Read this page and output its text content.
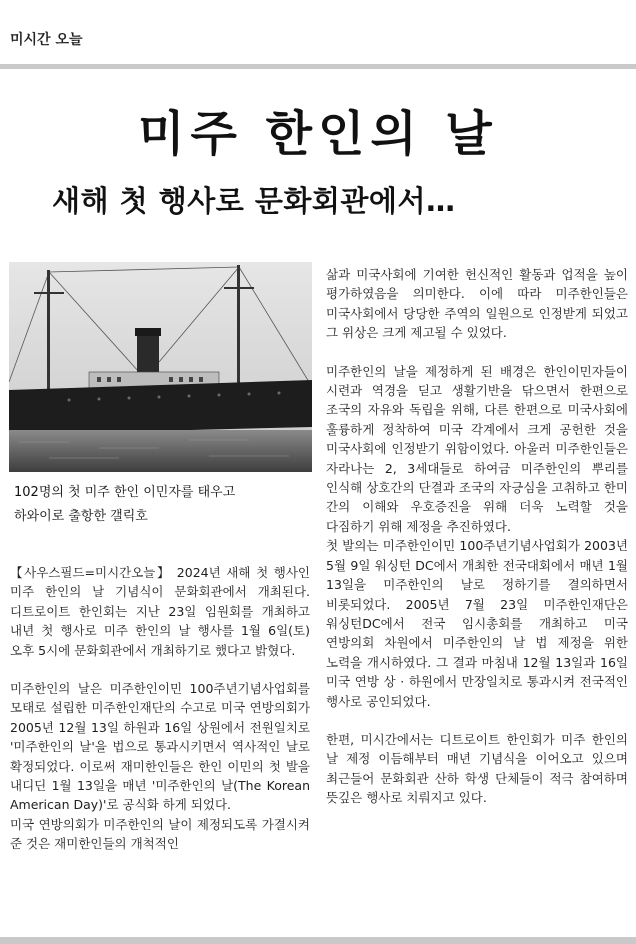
미시간 오늘
미주 한인의 날
새해 첫 행사로 문화회관에서…
102명의 첫 미주 한인 이민자를 태우고
하와이로 출항한 갤릭호

【사우스필드=미시간오늘】 2024년 새해 첫 행사인 미주 한인의 날 기념식이 문화회관에서 개최된다. 디트로이트 한인회는 지난 23일 임원회를 개최하고 내년 첫 행사로 미주 한인의 날 행사를 1월 6일(토) 오후 5시에 문화회관에서 개최하기로 했다고 밝혔다.

미주한인의 날은 미주한인이민 100주년기념사업회를 모태로 설립한 미주한인재단의 수고로 미국 연방의회가 2005년 12월 13일 하원과 16일 상원에서 전원일치로 '미주한인의 날'을 법으로 통과시키면서 역사적인 날로 확정되었다. 이로써 재미한인들은 한인 이민의 첫 발을 내디딘 1월 13일을 매년 '미주한인의 날(The Korean American Day)'로 공식화 하게 되었다.

미국 연방의회가 미주한인의 날이 제정되도록 가결시켜 준 것은 재미한인들의 개척적인

삶과 미국사회에 기여한 헌신적인 활동과 업적을 높이 평가하였음을 의미한다. 이에 따라 미주한인들은 미국사회에서 당당한 주역의 일원으로 인정받게 되었고 그 위상은 크게 제고될 수 있었다.

미주한인의 날을 제정하게 된 배경은 한인이민자들이 시련과 역경을 딛고 생활기반을 닦으면서 한편으로 조국의 자유와 독립을 위해, 다른 한편으로 미국사회에 훌륭하게 정착하여 미국 각계에서 크게 공헌한 것을 미국사회에 인정받기 위함이었다. 아울러 미주한인들은 자라나는 2, 3세대들로 하여금 미주한인의 뿌리를 인식해 상호간의 단결과 조국의 자긍심을 고취하고 한미 간의 이해와 우호증진을 위해 더욱 노력할 것을 다짐하기 위해 제정을 추진하였다.

첫 발의는 미주한인이민 100주년기념사업회가 2003년 5월 9일 워싱턴 DC에서 개최한 전국대회에서 매년 1월 13일을 미주한인의 날로 정하기를 결의하면서 비롯되었다. 2005년 7월 23일 미주한인재단은 워싱턴DC에서 전국 임시총회를 개최하고 미국 연방의회 차원에서 미주한인의 날 법 제정을 위한 노력을 개시하였다. 그 결과 마침내 12월 13일과 16일 미국 연방 상 · 하원에서 만장일치로 통과시켜 전국적인 행사로 공인되었다.

한편, 미시간에서는 디트로이트 한인회가 미주 한인의 날 제정 이듬해부터 매년 기념식을 이어오고 있으며 최근들어 문화회관 산하 학생 단체들이 적극 참여하며 뜻깊은 행사로 치뤄지고 있다.
